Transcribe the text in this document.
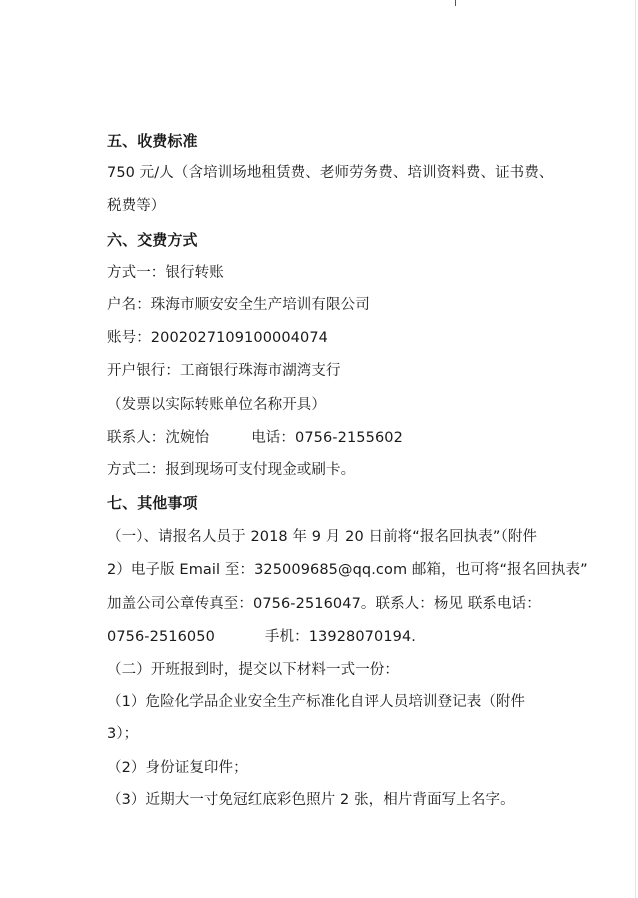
五、收费标准
750 元/人（含培训场地租赁费、老师劳务费、培训资料费、证书费、
税费等）
六、交费方式
方式一：银行转账
户名：珠海市顺安安全生产培训有限公司
账号：2002027109100004074
开户银行：工商银行珠海市湖湾支行
（发票以实际转账单位名称开具）
联系人：沈婉怡	电话：0756-2155602
方式二：报到现场可支付现金或刷卡。
七、其他事项
（一）、请报名人员于 2018 年 9 月 20 日前将“报名回执表”（附件
2）电子版 Email 至：325009685@qq.com 邮箱，也可将“报名回执表”
加盖公司公章传真至：0756-2516047。联系人：杨见 联系电话：
0756-2516050	手机：13928070194.
（二）开班报到时，提交以下材料一式一份：
（1）危险化学品企业安全生产标准化自评人员培训登记表（附件
3）；
（2）身份证复印件；
（3）近期大一寸免冠红底彩色照片 2 张，相片背面写上名字。
